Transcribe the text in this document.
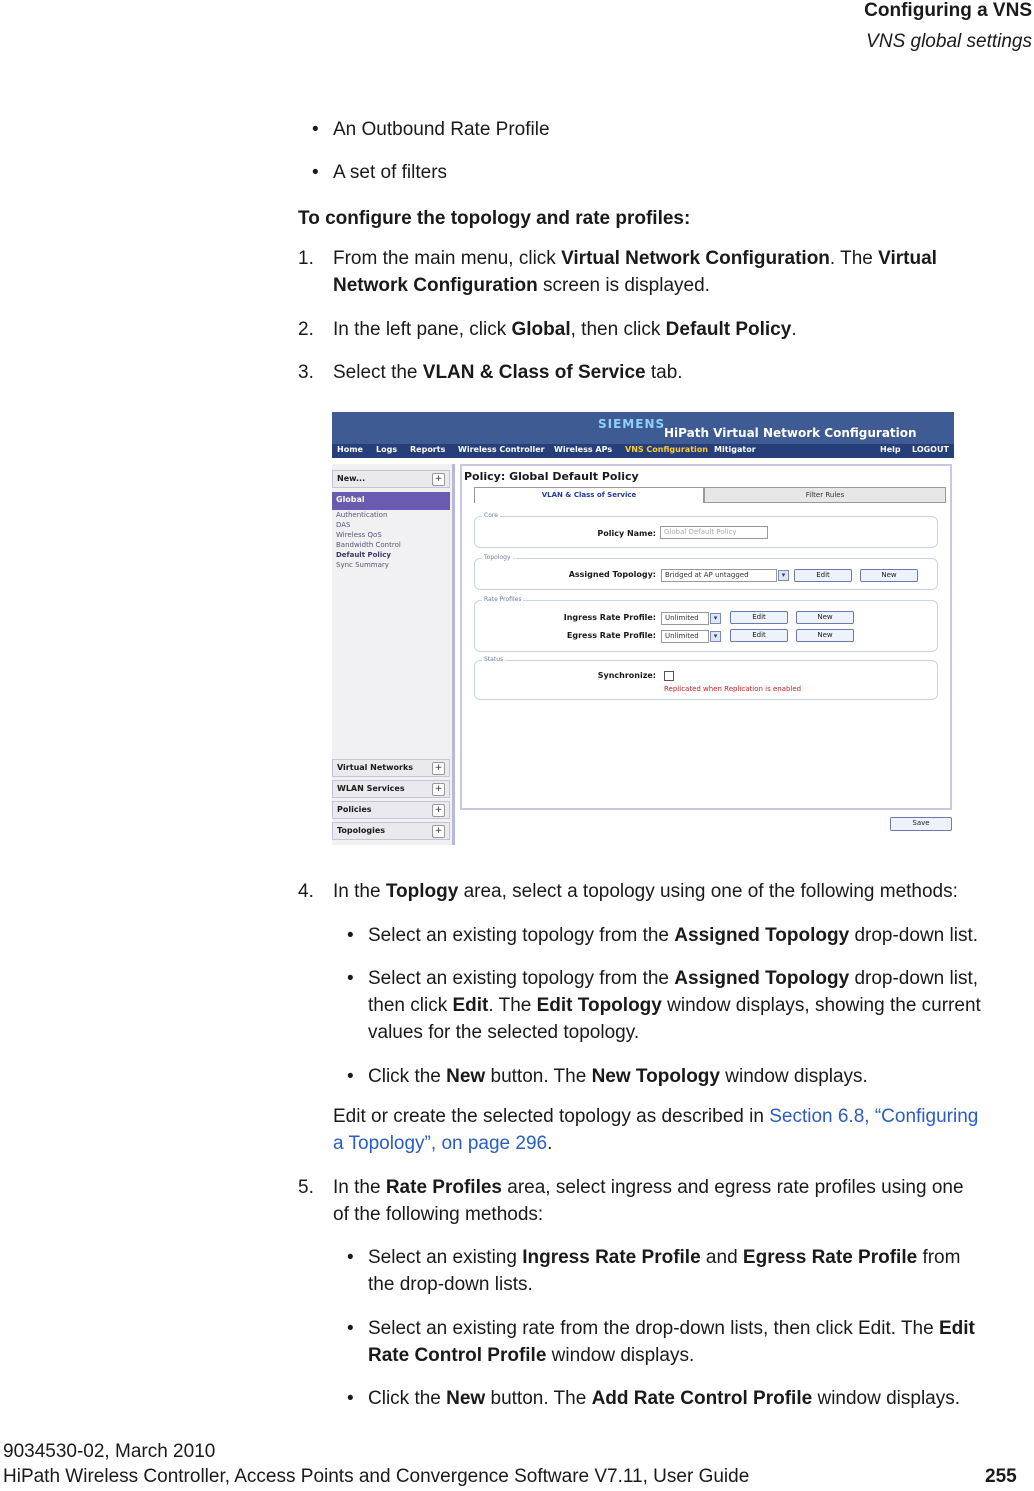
Configuring a VNS
VNS global settings
• An Outbound Rate Profile
• A set of filters
To configure the topology and rate profiles:
1. From the main menu, click Virtual Network Configuration. The Virtual
Network Configuration screen is displayed.
2. In the left pane, click Global, then click Default Policy.
3. Select the VLAN & Class of Service tab.
SIEMENS
HiPath Virtual Network Configuration
Home Logs Reports Wireless Controller Wireless APs VNS Configuration Mitigator	Help LOGOUT
New...	+
Global
Authentication
DAS
Wireless QoS
Bandwidth Control
Default Policy
Sync Summary
Virtual Networks	+
WLAN Services	+
Policies	+
Topologies	+
Policy: Global Default Policy
VLAN & Class of Service	Filter Rules
Core
Policy Name:	Global Default Policy
Topology
Assigned Topology:	Bridged at AP untagged	▾	Edit	New
Rate Profiles
Ingress Rate Profile:	Unlimited	▾	Edit	New
Egress Rate Profile:	Unlimited	▾	Edit	New
Status
Synchronize:
Replicated when Replication is enabled
Save
4. In the Toplogy area, select a topology using one of the following methods:
• Select an existing topology from the Assigned Topology drop-down list.
• Select an existing topology from the Assigned Topology drop-down list,
then click Edit. The Edit Topology window displays, showing the current
values for the selected topology.
• Click the New button. The New Topology window displays.
Edit or create the selected topology as described in Section 6.8, “Configuring
a Topology”, on page 296.
5. In the Rate Profiles area, select ingress and egress rate profiles using one
of the following methods:
• Select an existing Ingress Rate Profile and Egress Rate Profile from
the drop-down lists.
• Select an existing rate from the drop-down lists, then click Edit. The Edit
Rate Control Profile window displays.
• Click the New button. The Add Rate Control Profile window displays.
9034530-02, March 2010
HiPath Wireless Controller, Access Points and Convergence Software V7.11, User Guide	255
